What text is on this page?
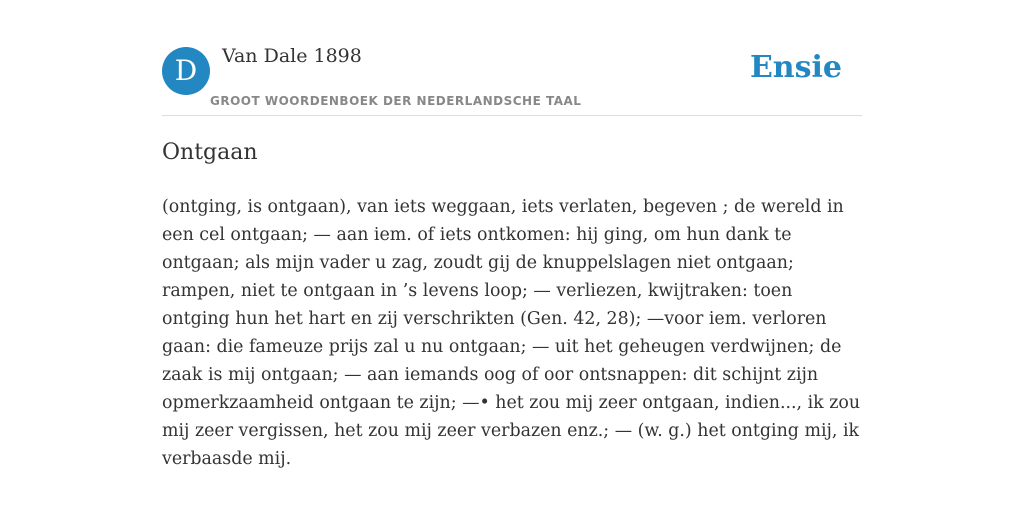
D	Van Dale 1898
GROOT WOORDENBOEK DER NEDERLANDSCHE TAAL
Ensie
Ontgaan
(ontging, is ontgaan), van iets weggaan, iets verlaten, begeven ; de wereld in een cel ontgaan; — aan iem. of iets ontkomen: hij ging, om hun dank te ontgaan; als mijn vader u zag, zoudt gij de knuppelslagen niet ontgaan; rampen, niet te ontgaan in ’s levens loop; — verliezen, kwijtraken: toen ontging hun het hart en zij verschrikten (Gen. 42, 28); —voor iem. verloren gaan: die fameuze prijs zal u nu ontgaan; — uit het geheugen verdwijnen; de zaak is mij ontgaan; — aan iemands oog of oor ontsnappen: dit schijnt zijn opmerkzaamheid ontgaan te zijn; —• het zou mij zeer ontgaan, indien..., ik zou mij zeer vergissen, het zou mij zeer verbazen enz.; — (w. g.) het ontging mij, ik verbaasde mij.
